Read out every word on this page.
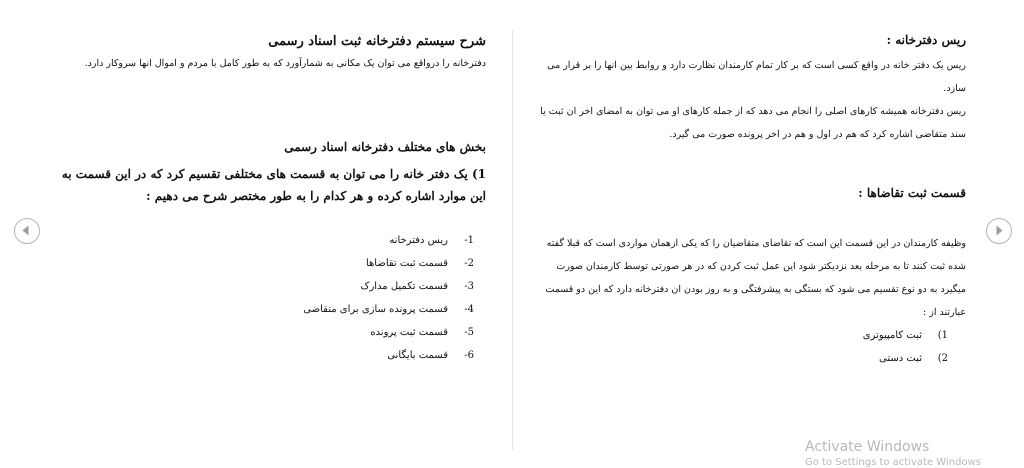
شرح سیستم دفترخانه ثبت اسناد رسمی

دفترخانه را درواقع می توان یک مکانی به شمارآورد که به طور کامل با مردم و اموال انها سروکار دارد.

بخش های مختلف دفترخانه اسناد رسمی

1) یک دفتر خانه را می توان به قسمت های مختلفی تقسیم کرد که در این قسمت به این موارد اشاره کرده و هر کدام را به طور مختصر شرح می دهیم :

1-
ریس دفترخانه
2-
قسمت ثبت تقاضاها
3-
قسمت تکمیل مدارک
4-
قسمت پرونده سازی برای متقاضی
5-
قسمت ثبت پرونده
6-
قسمت بایگانی
ریس دفترخانه :

ریس یک دفتر خانه در واقع کسی است که بر کار تمام کارمندان نظارت دارد و روابط بین انها را بر قرار می سازد.

ریس دفترخانه همیشه کارهای اصلی را انجام می دهد که از جمله کارهای او می توان به امضای اخر ان ثبت یا سند متقاضی اشاره کرد که هم در اول و هم در اخر پرونده صورت می گیرد.

قسمت ثبت تقاضاها :

وظیفه کارمندان در این قسمت این است که تقاضای متقاضیان را که یکی ازهمان مواردی است که قبلا گفته شده ثبت کنند تا به مرحله بعد نزدیکتر شود این عمل ثبت کردن که در هر صورتی توسط کارمندان صورت میگیرد به دو نوع تقسیم می شود که بستگی به پیشرفتگی و به روز بودن ان دفترخانه دارد که این دو قسمت عبارتند از :

1)
ثبت کامپیوتری
2)
ثبت دستی
Activate Windows
Go to Settings to activate Windows
